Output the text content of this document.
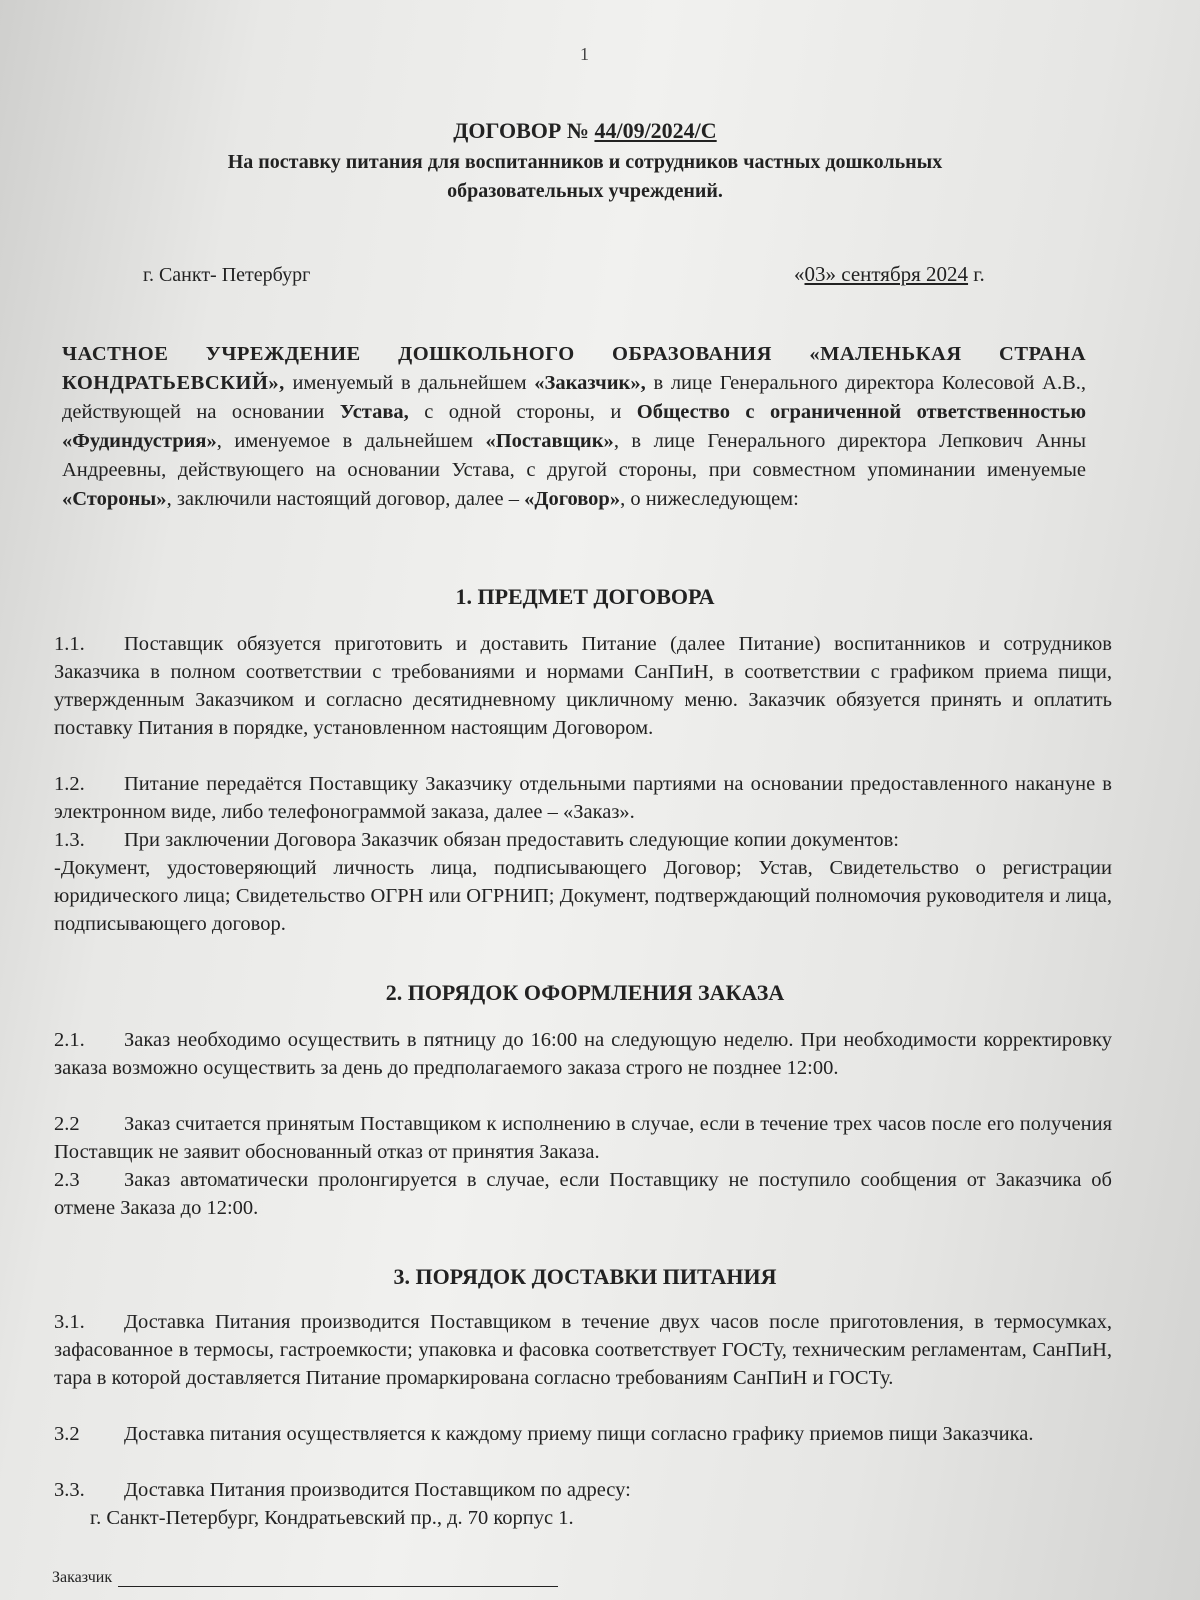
1
ДОГОВОР № 44/09/2024/С
На поставку питания для воспитанников и сотрудников частных дошкольных
образовательных учреждений.
г. Санкт- Петербург	«03» сентября 2024 г.
ЧАСТНОЕ УЧРЕЖДЕНИЕ ДОШКОЛЬНОГО ОБРАЗОВАНИЯ «МАЛЕНЬКАЯ СТРАНА КОНДРАТЬЕВСКИЙ», именуемый в дальнейшем «Заказчик», в лице Генерального директора Колесовой А.В., действующей на основании Устава, с одной стороны, и Общество с ограниченной ответственностью «Фудиндустрия», именуемое в дальнейшем «Поставщик», в лице Генерального директора Лепкович Анны Андреевны, действующего на основании Устава, с другой стороны, при совместном упоминании именуемые «Стороны», заключили настоящий договор, далее – «Договор», о нижеследующем:
1. ПРЕДМЕТ ДОГОВОРА
1.1. Поставщик обязуется приготовить и доставить Питание (далее Питание) воспитанников и сотрудников Заказчика в полном соответствии с требованиями и нормами СанПиН, в соответствии с графиком приема пищи, утвержденным Заказчиком и согласно десятидневному цикличному меню. Заказчик обязуется принять и оплатить поставку Питания в порядке, установленном настоящим Договором.
1.2. Питание передаётся Поставщику Заказчику отдельными партиями на основании предоставленного накануне в электронном виде, либо телефонограммой заказа, далее – «Заказ».
1.3. При заключении Договора Заказчик обязан предоставить следующие копии документов:
-Документ, удостоверяющий личность лица, подписывающего Договор; Устав, Свидетельство о регистрации юридического лица; Свидетельство ОГРН или ОГРНИП; Документ, подтверждающий полномочия руководителя и лица, подписывающего договор.
2. ПОРЯДОК ОФОРМЛЕНИЯ ЗАКАЗА
2.1. Заказ необходимо осуществить в пятницу до 16:00 на следующую неделю. При необходимости корректировку заказа возможно осуществить за день до предполагаемого заказа строго не позднее 12:00.
2.2 Заказ считается принятым Поставщиком к исполнению в случае, если в течение трех часов после его получения Поставщик не заявит обоснованный отказ от принятия Заказа.
2.3 Заказ автоматически пролонгируется в случае, если Поставщику не поступило сообщения от Заказчика об отмене Заказа до 12:00.
3. ПОРЯДОК ДОСТАВКИ ПИТАНИЯ
3.1. Доставка Питания производится Поставщиком в течение двух часов после приготовления, в термосумках, зафасованное в термосы, гастроемкости; упаковка и фасовка соответствует ГОСТу, техническим регламентам, СанПиН, тара в которой доставляется Питание промаркирована согласно требованиям СанПиН и ГОСТу.
3.2 Доставка питания осуществляется к каждому приему пищи согласно графику приемов пищи Заказчика.
3.3. Доставка Питания производится Поставщиком по адресу:
г. Санкт-Петербург, Кондратьевский пр., д. 70 корпус 1.
Заказчик
